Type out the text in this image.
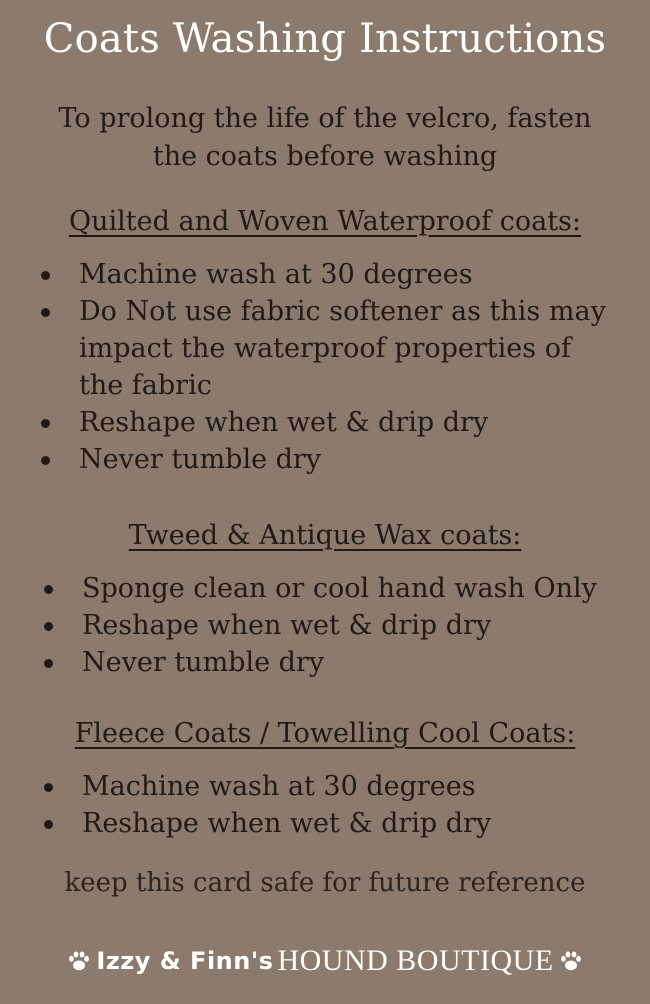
Coats Washing Instructions
To prolong the life of the velcro, fasten the coats before washing
Quilted and Woven Waterproof coats:
Machine wash at 30 degrees
Do Not use fabric softener as this may impact the waterproof properties of the fabric
Reshape when wet & drip dry
Never tumble dry
Tweed & Antique Wax coats:
Sponge clean or cool hand wash Only
Reshape when wet & drip dry
Never tumble dry
Fleece Coats / Towelling Cool Coats:
Machine wash at 30 degrees
Reshape when wet & drip dry
keep this card safe for future reference
Izzy & Finn's HOUND BOUTIQUE
